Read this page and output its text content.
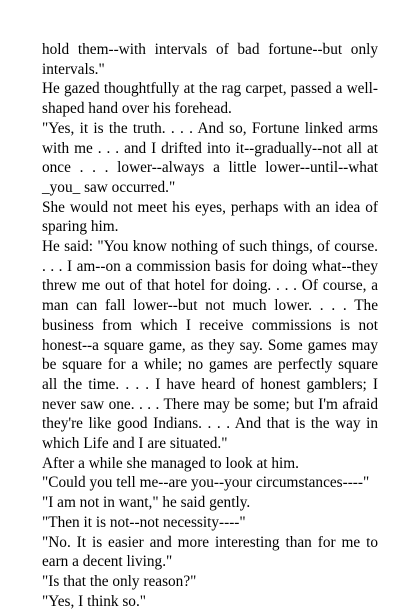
hold them--with intervals of bad fortune--but only intervals."

He gazed thoughtfully at the rag carpet, passed a well-shaped hand over his forehead.

"Yes, it is the truth. . . . And so, Fortune linked arms with me . . . and I drifted into it--gradually--not all at once . . . lower--always a little lower--until--what _you_ saw occurred."

She would not meet his eyes, perhaps with an idea of sparing him.

He said: "You know nothing of such things, of course. . . . I am--on a commission basis for doing what--they threw me out of that hotel for doing. . . . Of course, a man can fall lower--but not much lower. . . . The business from which I receive commissions is not honest--a square game, as they say. Some games may be square for a while; no games are perfectly square all the time. . . . I have heard of honest gamblers; I never saw one. . . . There may be some; but I'm afraid they're like good Indians. . . . And that is the way in which Life and I are situated."

After a while she managed to look at him.

"Could you tell me--are you--your circumstances----"

"I am not in want," he said gently.

"Then it is not--not necessity----"

"No. It is easier and more interesting than for me to earn a decent living."

"Is that the only reason?"

"Yes, I think so."
